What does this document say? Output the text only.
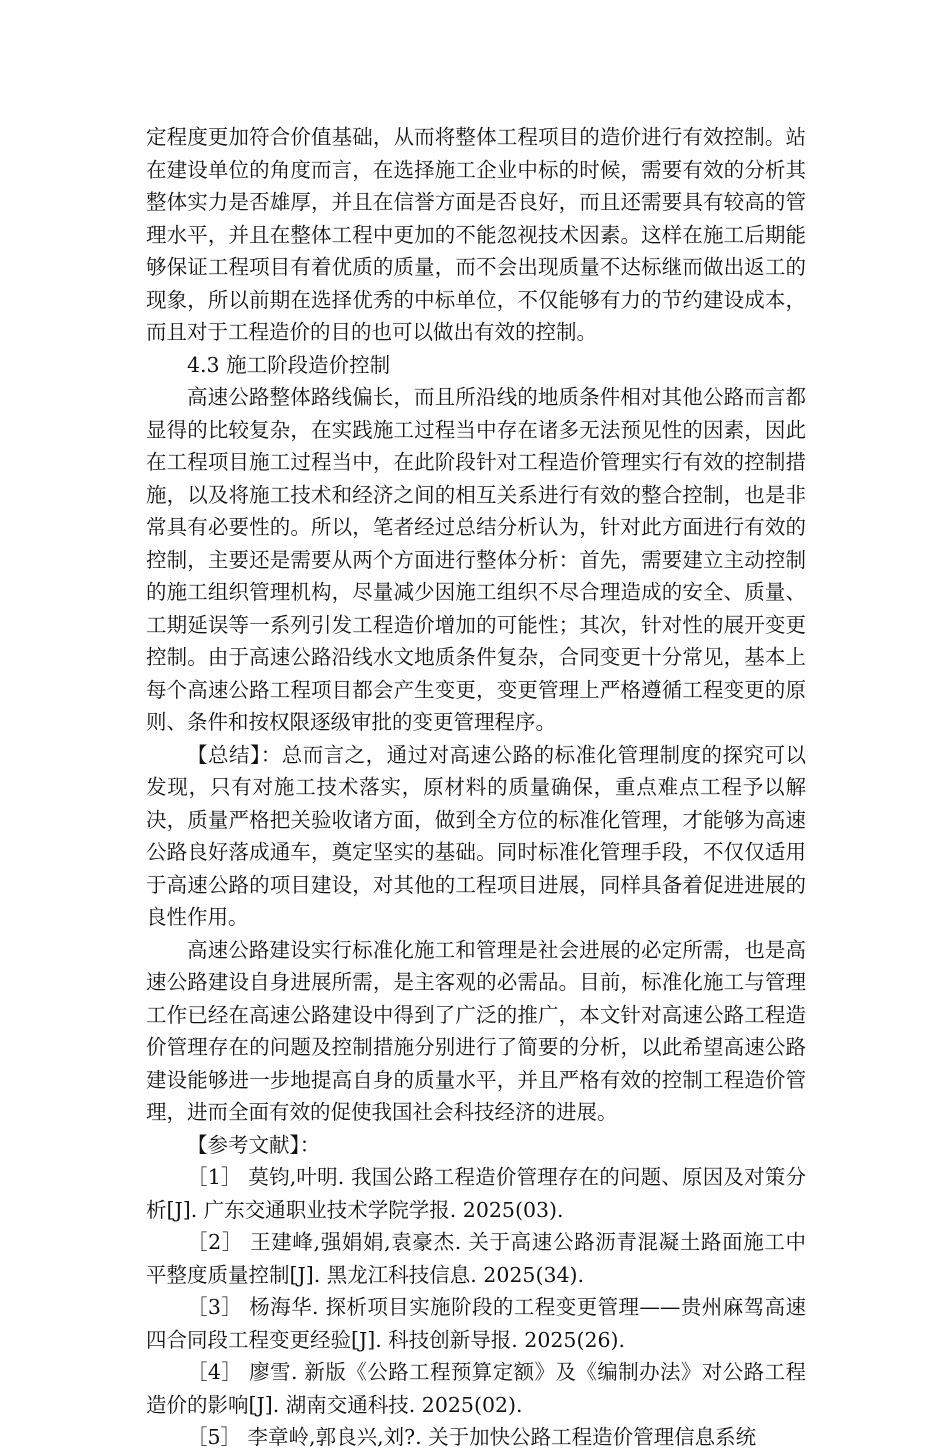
定程度更加符合价值基础，从而将整体工程项目的造价进行有效控制。站在建设单位的角度而言，在选择施工企业中标的时候，需要有效的分析其整体实力是否雄厚，并且在信誉方面是否良好，而且还需要具有较高的管理水平，并且在整体工程中更加的不能忽视技术因素。这样在施工后期能够保证工程项目有着优质的质量，而不会出现质量不达标继而做出返工的现象，所以前期在选择优秀的中标单位，不仅能够有力的节约建设成本，而且对于工程造价的目的也可以做出有效的控制。

4.3 施工阶段造价控制

高速公路整体路线偏长，而且所沿线的地质条件相对其他公路而言都显得的比较复杂，在实践施工过程当中存在诸多无法预见性的因素，因此在工程项目施工过程当中，在此阶段针对工程造价管理实行有效的控制措施，以及将施工技术和经济之间的相互关系进行有效的整合控制，也是非常具有必要性的。所以，笔者经过总结分析认为，针对此方面进行有效的控制，主要还是需要从两个方面进行整体分析：首先，需要建立主动控制的施工组织管理机构，尽量减少因施工组织不尽合理造成的安全、质量、工期延误等一系列引发工程造价增加的可能性；其次，针对性的展开变更控制。由于高速公路沿线水文地质条件复杂，合同变更十分常见，基本上每个高速公路工程项目都会产生变更，变更管理上严格遵循工程变更的原则、条件和按权限逐级审批的变更管理程序。

【总结】：总而言之，通过对高速公路的标准化管理制度的探究可以发现，只有对施工技术落实，原材料的质量确保，重点难点工程予以解决，质量严格把关验收诸方面，做到全方位的标准化管理，才能够为高速公路良好落成通车，奠定坚实的基础。同时标准化管理手段，不仅仅适用于高速公路的项目建设，对其他的工程项目进展，同样具备着促进进展的良性作用。

高速公路建设实行标准化施工和管理是社会进展的必定所需，也是高速公路建设自身进展所需，是主客观的必需品。目前，标准化施工与管理工作已经在高速公路建设中得到了广泛的推广，本文针对高速公路工程造价管理存在的问题及控制措施分别进行了简要的分析，以此希望高速公路建设能够进一步地提高自身的质量水平，并且严格有效的控制工程造价管理，进而全面有效的促使我国社会科技经济的进展。

【参考文献】：

［1］ 莫钧,叶明. 我国公路工程造价管理存在的问题、原因及对策分析[J]. 广东交通职业技术学院学报. 2025(03).
［2］ 王建峰,强娟娟,袁豪杰. 关于高速公路沥青混凝土路面施工中平整度质量控制[J]. 黑龙江科技信息. 2025(34).
［3］ 杨海华. 探析项目实施阶段的工程变更管理——贵州麻驾高速四合同段工程变更经验[J]. 科技创新导报. 2025(26).
［4］ 廖雪. 新版《公路工程预算定额》及《编制办法》对公路工程造价的影响[J]. 湖南交通科技. 2025(02).
［5］ 李章岭,郭良兴,刘?. 关于加快公路工程造价管理信息系统
